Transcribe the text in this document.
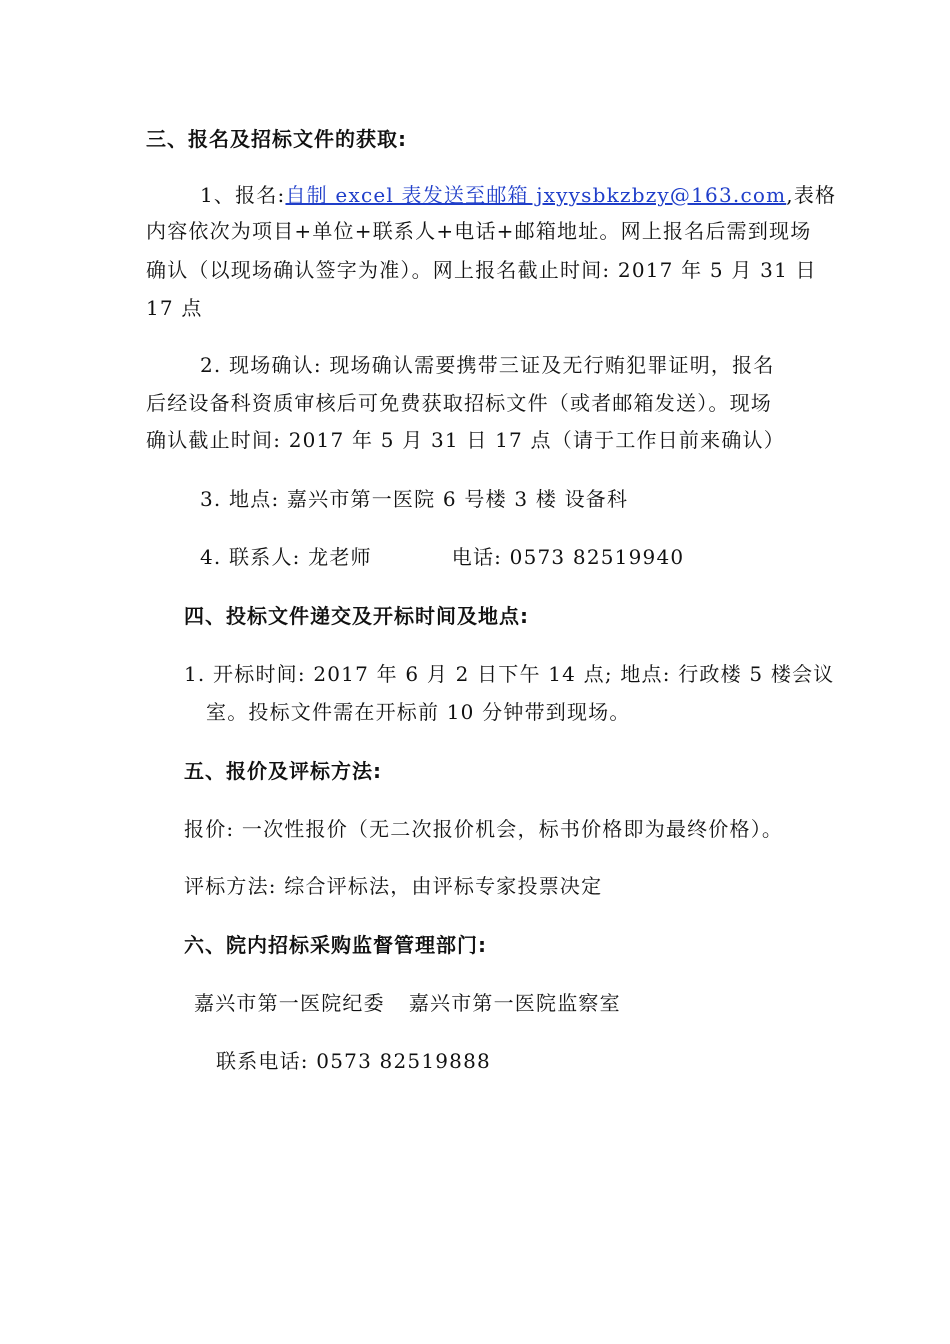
三、报名及招标文件的获取:
1、报名:自制 excel 表发送至邮箱 jxyysbkzbzy@163.com,表格
内容依次为项目+单位+联系人+电话+邮箱地址。网上报名后需到现场
确认（以现场确认签字为准）。网上报名截止时间: 2017 年 5 月 31 日
17 点
2. 现场确认: 现场确认需要携带三证及无行贿犯罪证明，报名
后经设备科资质审核后可免费获取招标文件（或者邮箱发送）。现场
确认截止时间: 2017 年 5 月 31 日 17 点（请于工作日前来确认）
3. 地点: 嘉兴市第一医院 6 号楼 3 楼 设备科
4. 联系人: 龙老师	电话: 0573 82519940
四、投标文件递交及开标时间及地点:
1. 开标时间: 2017 年 6 月 2 日下午 14 点; 地点: 行政楼 5 楼会议
室。投标文件需在开标前 10 分钟带到现场。
五、报价及评标方法:
报价: 一次性报价（无二次报价机会，标书价格即为最终价格）。
评标方法: 综合评标法，由评标专家投票决定
六、院内招标采购监督管理部门:
嘉兴市第一医院纪委 嘉兴市第一医院监察室
联系电话: 0573 82519888
